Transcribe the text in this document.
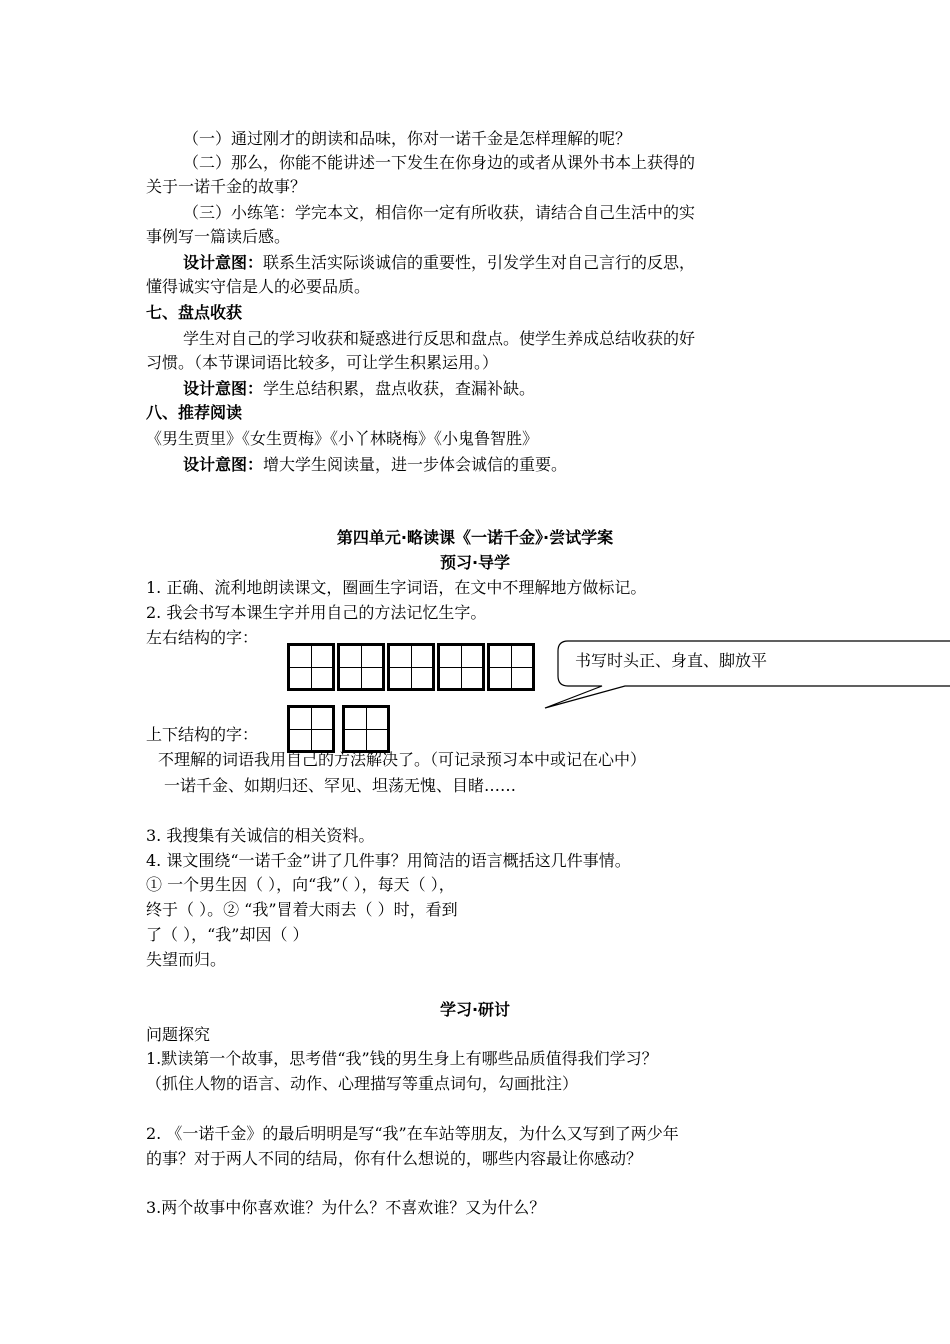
（一）通过刚才的朗读和品味，你对一诺千金是怎样理解的呢？
（二）那么，你能不能讲述一下发生在你身边的或者从课外书本上获得的
关于一诺千金的故事？
（三）小练笔：学完本文，相信你一定有所收获，请结合自己生活中的实
事例写一篇读后感。
设计意图：联系生活实际谈诚信的重要性，引发学生对自己言行的反思，
懂得诚实守信是人的必要品质。
七、盘点收获
学生对自己的学习收获和疑惑进行反思和盘点。使学生养成总结收获的好
习惯。（本节课词语比较多，可让学生积累运用。）
设计意图：学生总结积累，盘点收获，查漏补缺。
八、推荐阅读
《男生贾里》《女生贾梅》《小丫林晓梅》《小鬼鲁智胜》
设计意图：增大学生阅读量，进一步体会诚信的重要。
第四单元·略读课《一诺千金》·尝试学案
预习·导学
1. 正确、流利地朗读课文，圈画生字词语，在文中不理解地方做标记。
2. 我会书写本课生字并用自己的方法记忆生字。
左右结构的字：
书写时头正、身直、脚放平
上下结构的字：
不理解的词语我用自己的方法解决了。（可记录预习本中或记在心中）
一诺千金、如期归还、罕见、坦荡无愧、目睹……
3. 我搜集有关诚信的相关资料。
4. 课文围绕“一诺千金”讲了几件事？用简洁的语言概括这几件事情。
① 一个男生因（ ），向“我”（ ），每天（ ），
终于（ ）。② “我”冒着大雨去（ ）时，看到
了（ ），“我”却因（ ）
失望而归。
学习·研讨
问题探究
1.默读第一个故事，思考借“我”钱的男生身上有哪些品质值得我们学习？
（抓住人物的语言、动作、心理描写等重点词句，勾画批注）
2. 《一诺千金》的最后明明是写“我”在车站等朋友，为什么又写到了两少年
的事？对于两人不同的结局，你有什么想说的，哪些内容最让你感动？
3.两个故事中你喜欢谁？为什么？不喜欢谁？又为什么？
